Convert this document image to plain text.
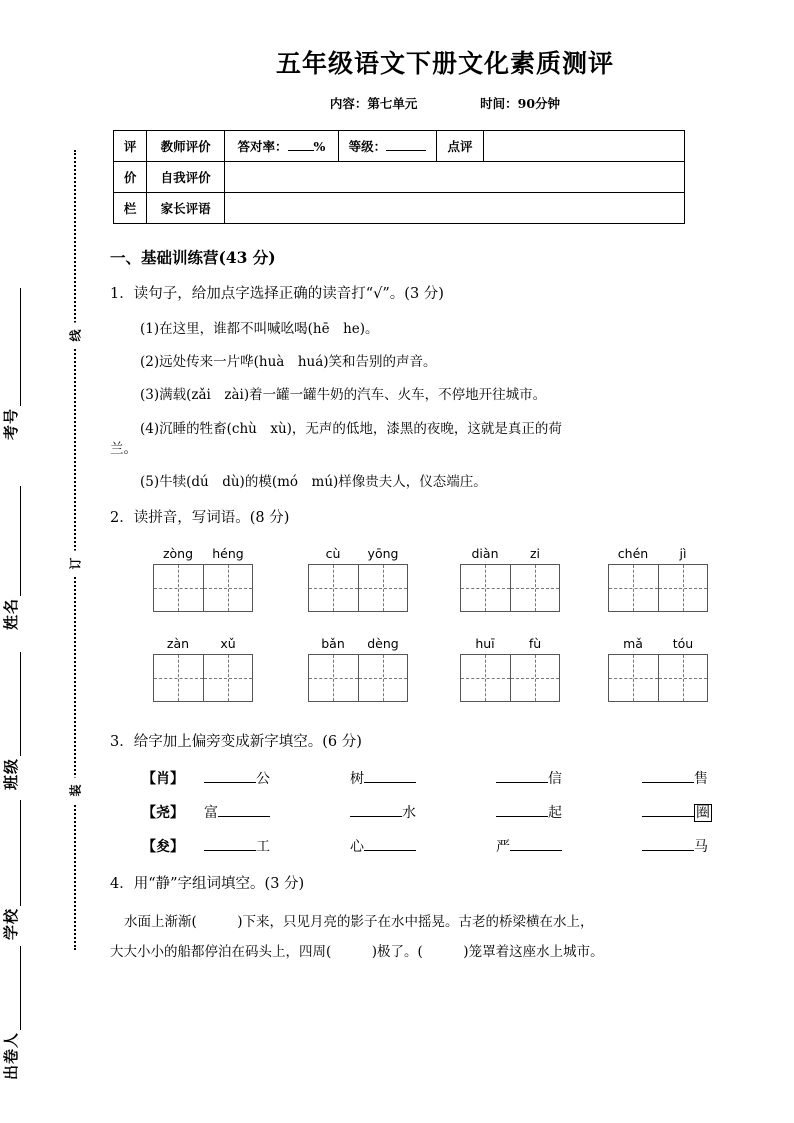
考号
姓名
班级
学校
出卷人
线
订
装
五年级语文下册文化素质测评
内容：第七单元	时间：90分钟
评	教师评价	答对率： %	等级：	点评	
价	自我评价				
栏	家长评语				
一、基础训练营(43 分)
1．读句子，给加点字选择正确的读音打“√”。(3 分)
(1)在这里，谁都不叫喊吆喝(hē　he)。
(2)远处传来一片哗(huà　huá)笑和告别的声音。
(3)满载(zǎi　zài)着一罐一罐牛奶的汽车、火车，不停地开往城市。
(4)沉睡的牲畜(chù　xù)，无声的低地，漆黑的夜晚，这就是真正的荷
兰。
(5)牛犊(dú　dù)的模(mó　mú)样像贵夫人，仪态端庄。
2．读拼音，写词语。(8 分)
zòng	héng	cù	yōng	diàn	zi	chén	jì
zàn	xǔ	bǎn	dèng	huī	fù	mǎ	tóu
3．给字加上偏旁变成新字填空。(6 分)
【肖】	公	树	信	售
【尧】	富	水	起	圈
【夋】	工	心	严	马
4．用“静”字组词填空。(3 分)
水面上渐渐(　　　)下来，只见月亮的影子在水中摇晃。古老的桥梁横在水上，
大大小小的船都停泊在码头上，四周(　　　)极了。(　　　)笼罩着这座水上城市。
